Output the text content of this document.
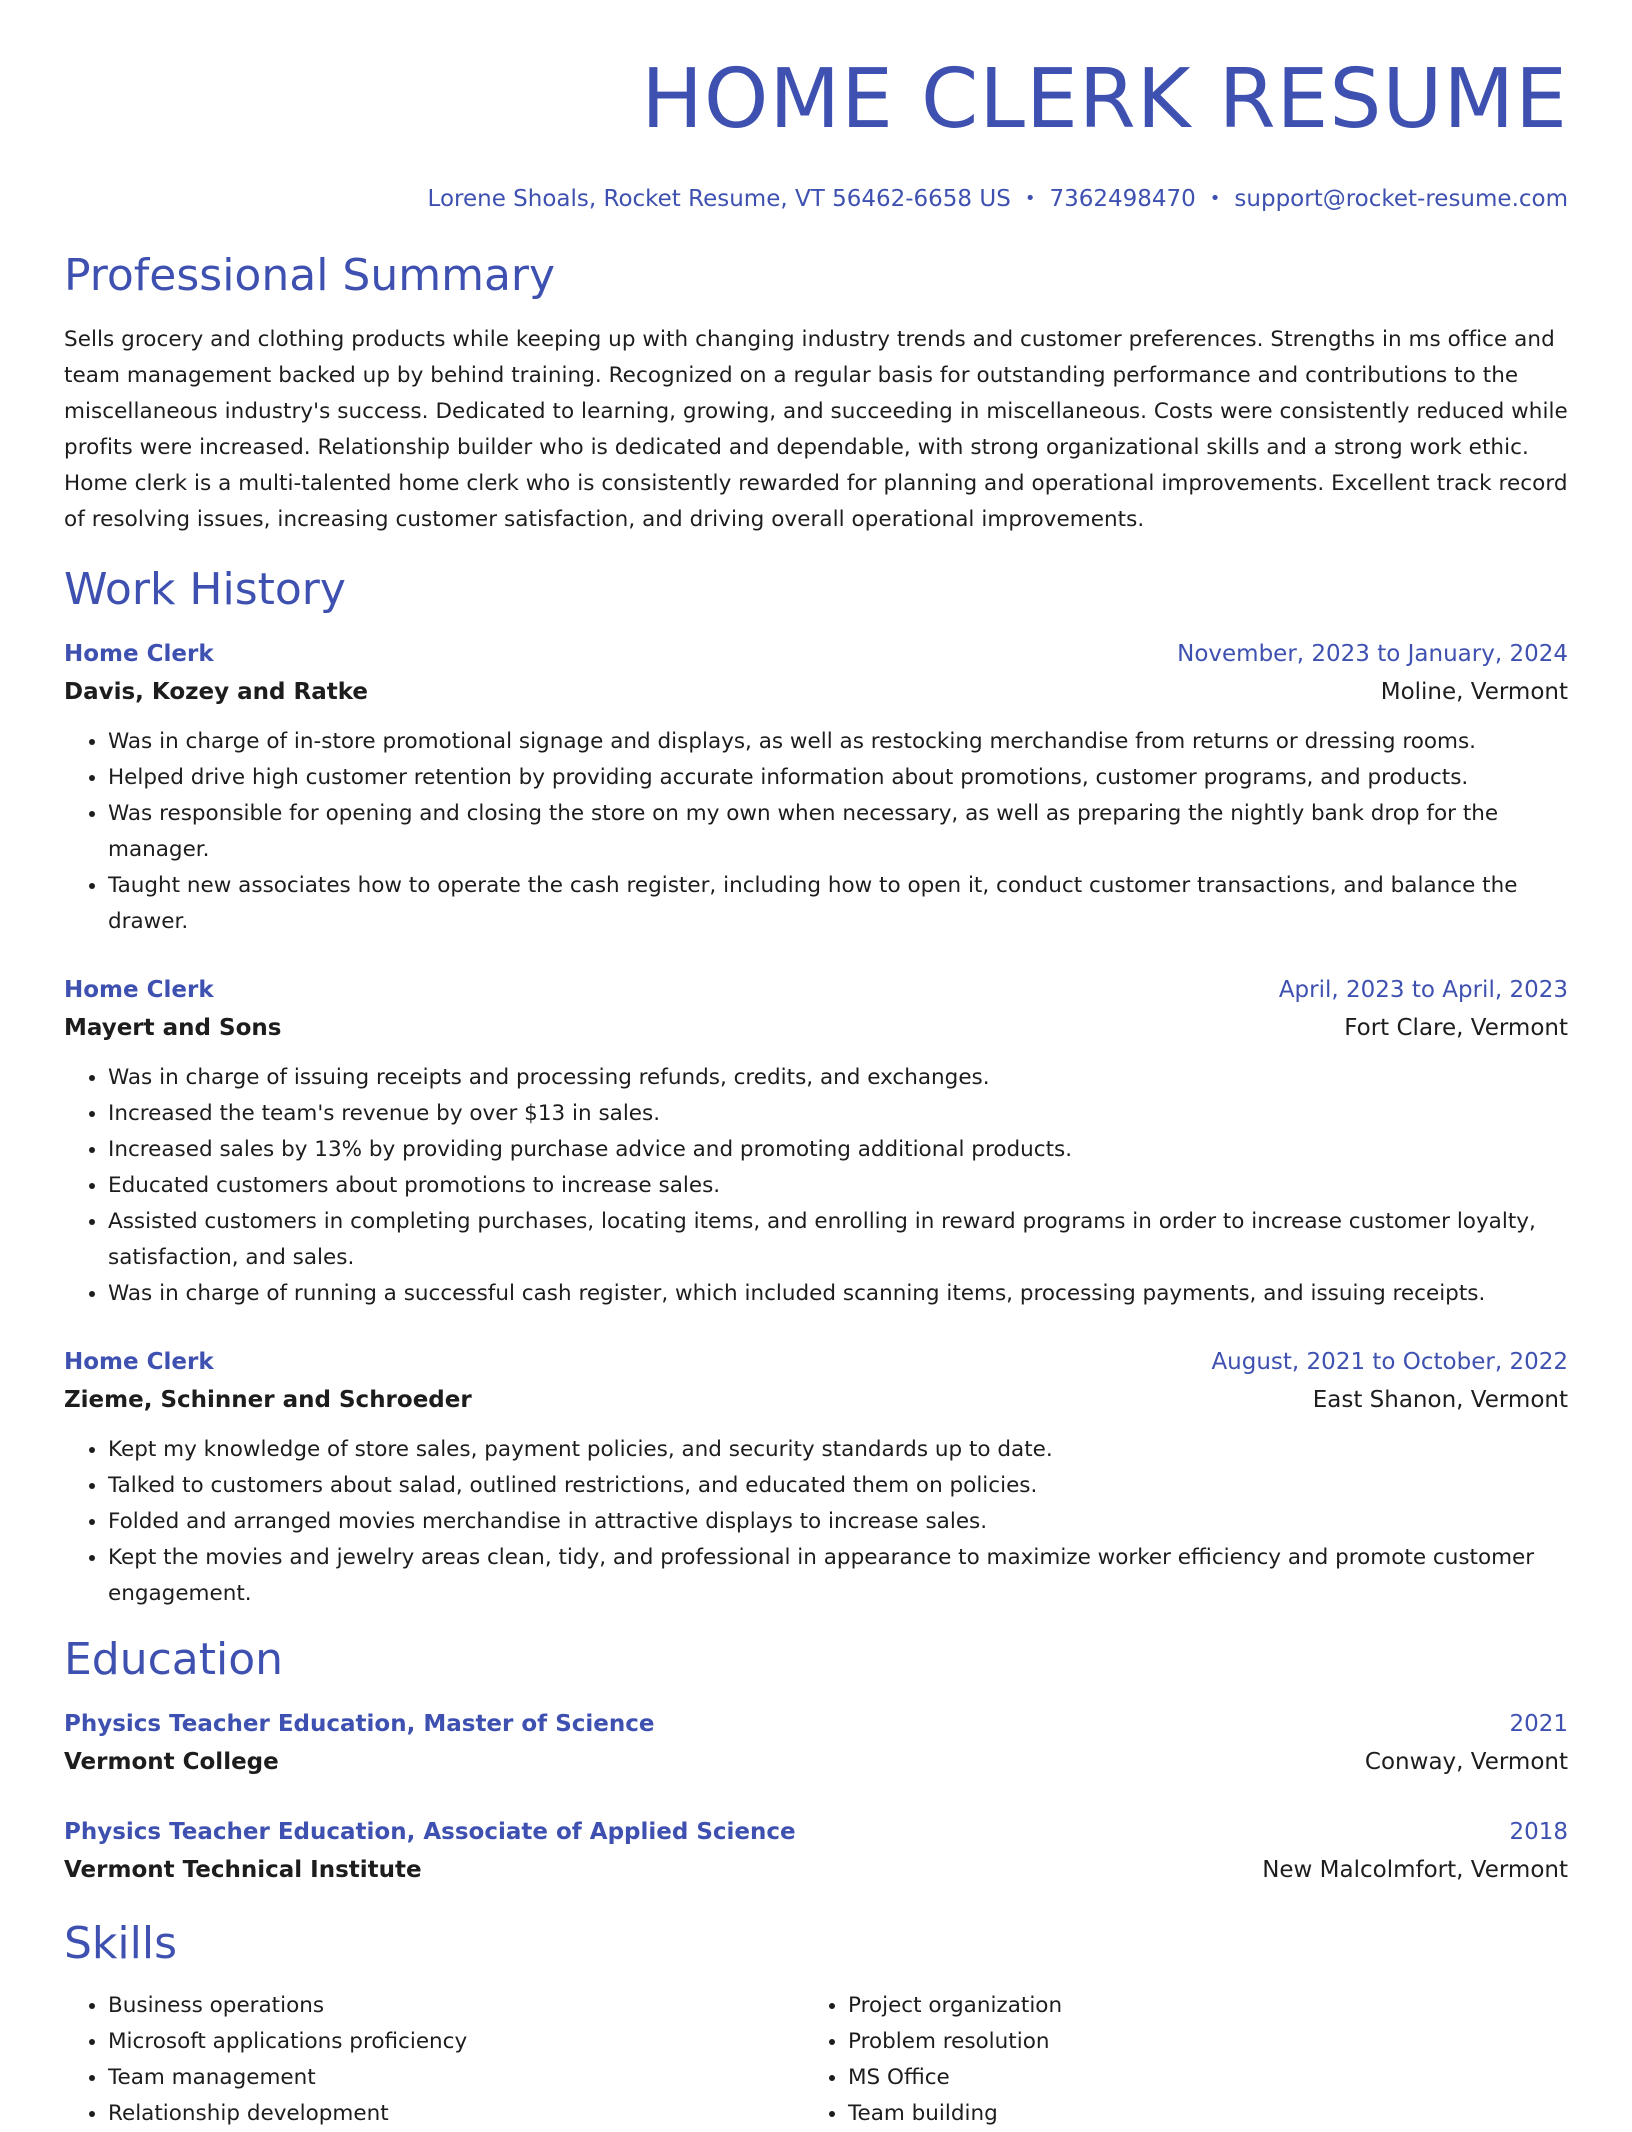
HOME CLERK RESUME
Lorene Shoals, Rocket Resume, VT 56462-6658 US • 7362498470 • support@rocket-resume.com
Professional Summary

Sells grocery and clothing products while keeping up with changing industry trends and customer preferences. Strengths in ms office and team management backed up by behind training. Recognized on a regular basis for outstanding performance and contributions to the miscellaneous industry's success. Dedicated to learning, growing, and succeeding in miscellaneous. Costs were consistently reduced while profits were increased. Relationship builder who is dedicated and dependable, with strong organizational skills and a strong work ethic. Home clerk is a multi-talented home clerk who is consistently rewarded for planning and operational improvements. Excellent track record of resolving issues, increasing customer satisfaction, and driving overall operational improvements.

Work History
Home Clerk	November, 2023 to January, 2024
Davis, Kozey and Ratke	Moline, Vermont
• Was in charge of in-store promotional signage and displays, as well as restocking merchandise from returns or dressing rooms.
• Helped drive high customer retention by providing accurate information about promotions, customer programs, and products.
• Was responsible for opening and closing the store on my own when necessary, as well as preparing the nightly bank drop for the manager.
• Taught new associates how to operate the cash register, including how to open it, conduct customer transactions, and balance the drawer.
Home Clerk	April, 2023 to April, 2023
Mayert and Sons	Fort Clare, Vermont
• Was in charge of issuing receipts and processing refunds, credits, and exchanges.
• Increased the team's revenue by over $13 in sales.
• Increased sales by 13% by providing purchase advice and promoting additional products.
• Educated customers about promotions to increase sales.
• Assisted customers in completing purchases, locating items, and enrolling in reward programs in order to increase customer loyalty, satisfaction, and sales.
• Was in charge of running a successful cash register, which included scanning items, processing payments, and issuing receipts.
Home Clerk	August, 2021 to October, 2022
Zieme, Schinner and Schroeder	East Shanon, Vermont
• Kept my knowledge of store sales, payment policies, and security standards up to date.
• Talked to customers about salad, outlined restrictions, and educated them on policies.
• Folded and arranged movies merchandise in attractive displays to increase sales.
• Kept the movies and jewelry areas clean, tidy, and professional in appearance to maximize worker efficiency and promote customer engagement.
Education
Physics Teacher Education, Master of Science	2021
Vermont College	Conway, Vermont
Physics Teacher Education, Associate of Applied Science	2018
Vermont Technical Institute	New Malcolmfort, Vermont
Skills
• Business operations
• Microsoft applications proficiency
• Team management
• Relationship development
• Project organization
• Problem resolution
• MS Office
• Team building
